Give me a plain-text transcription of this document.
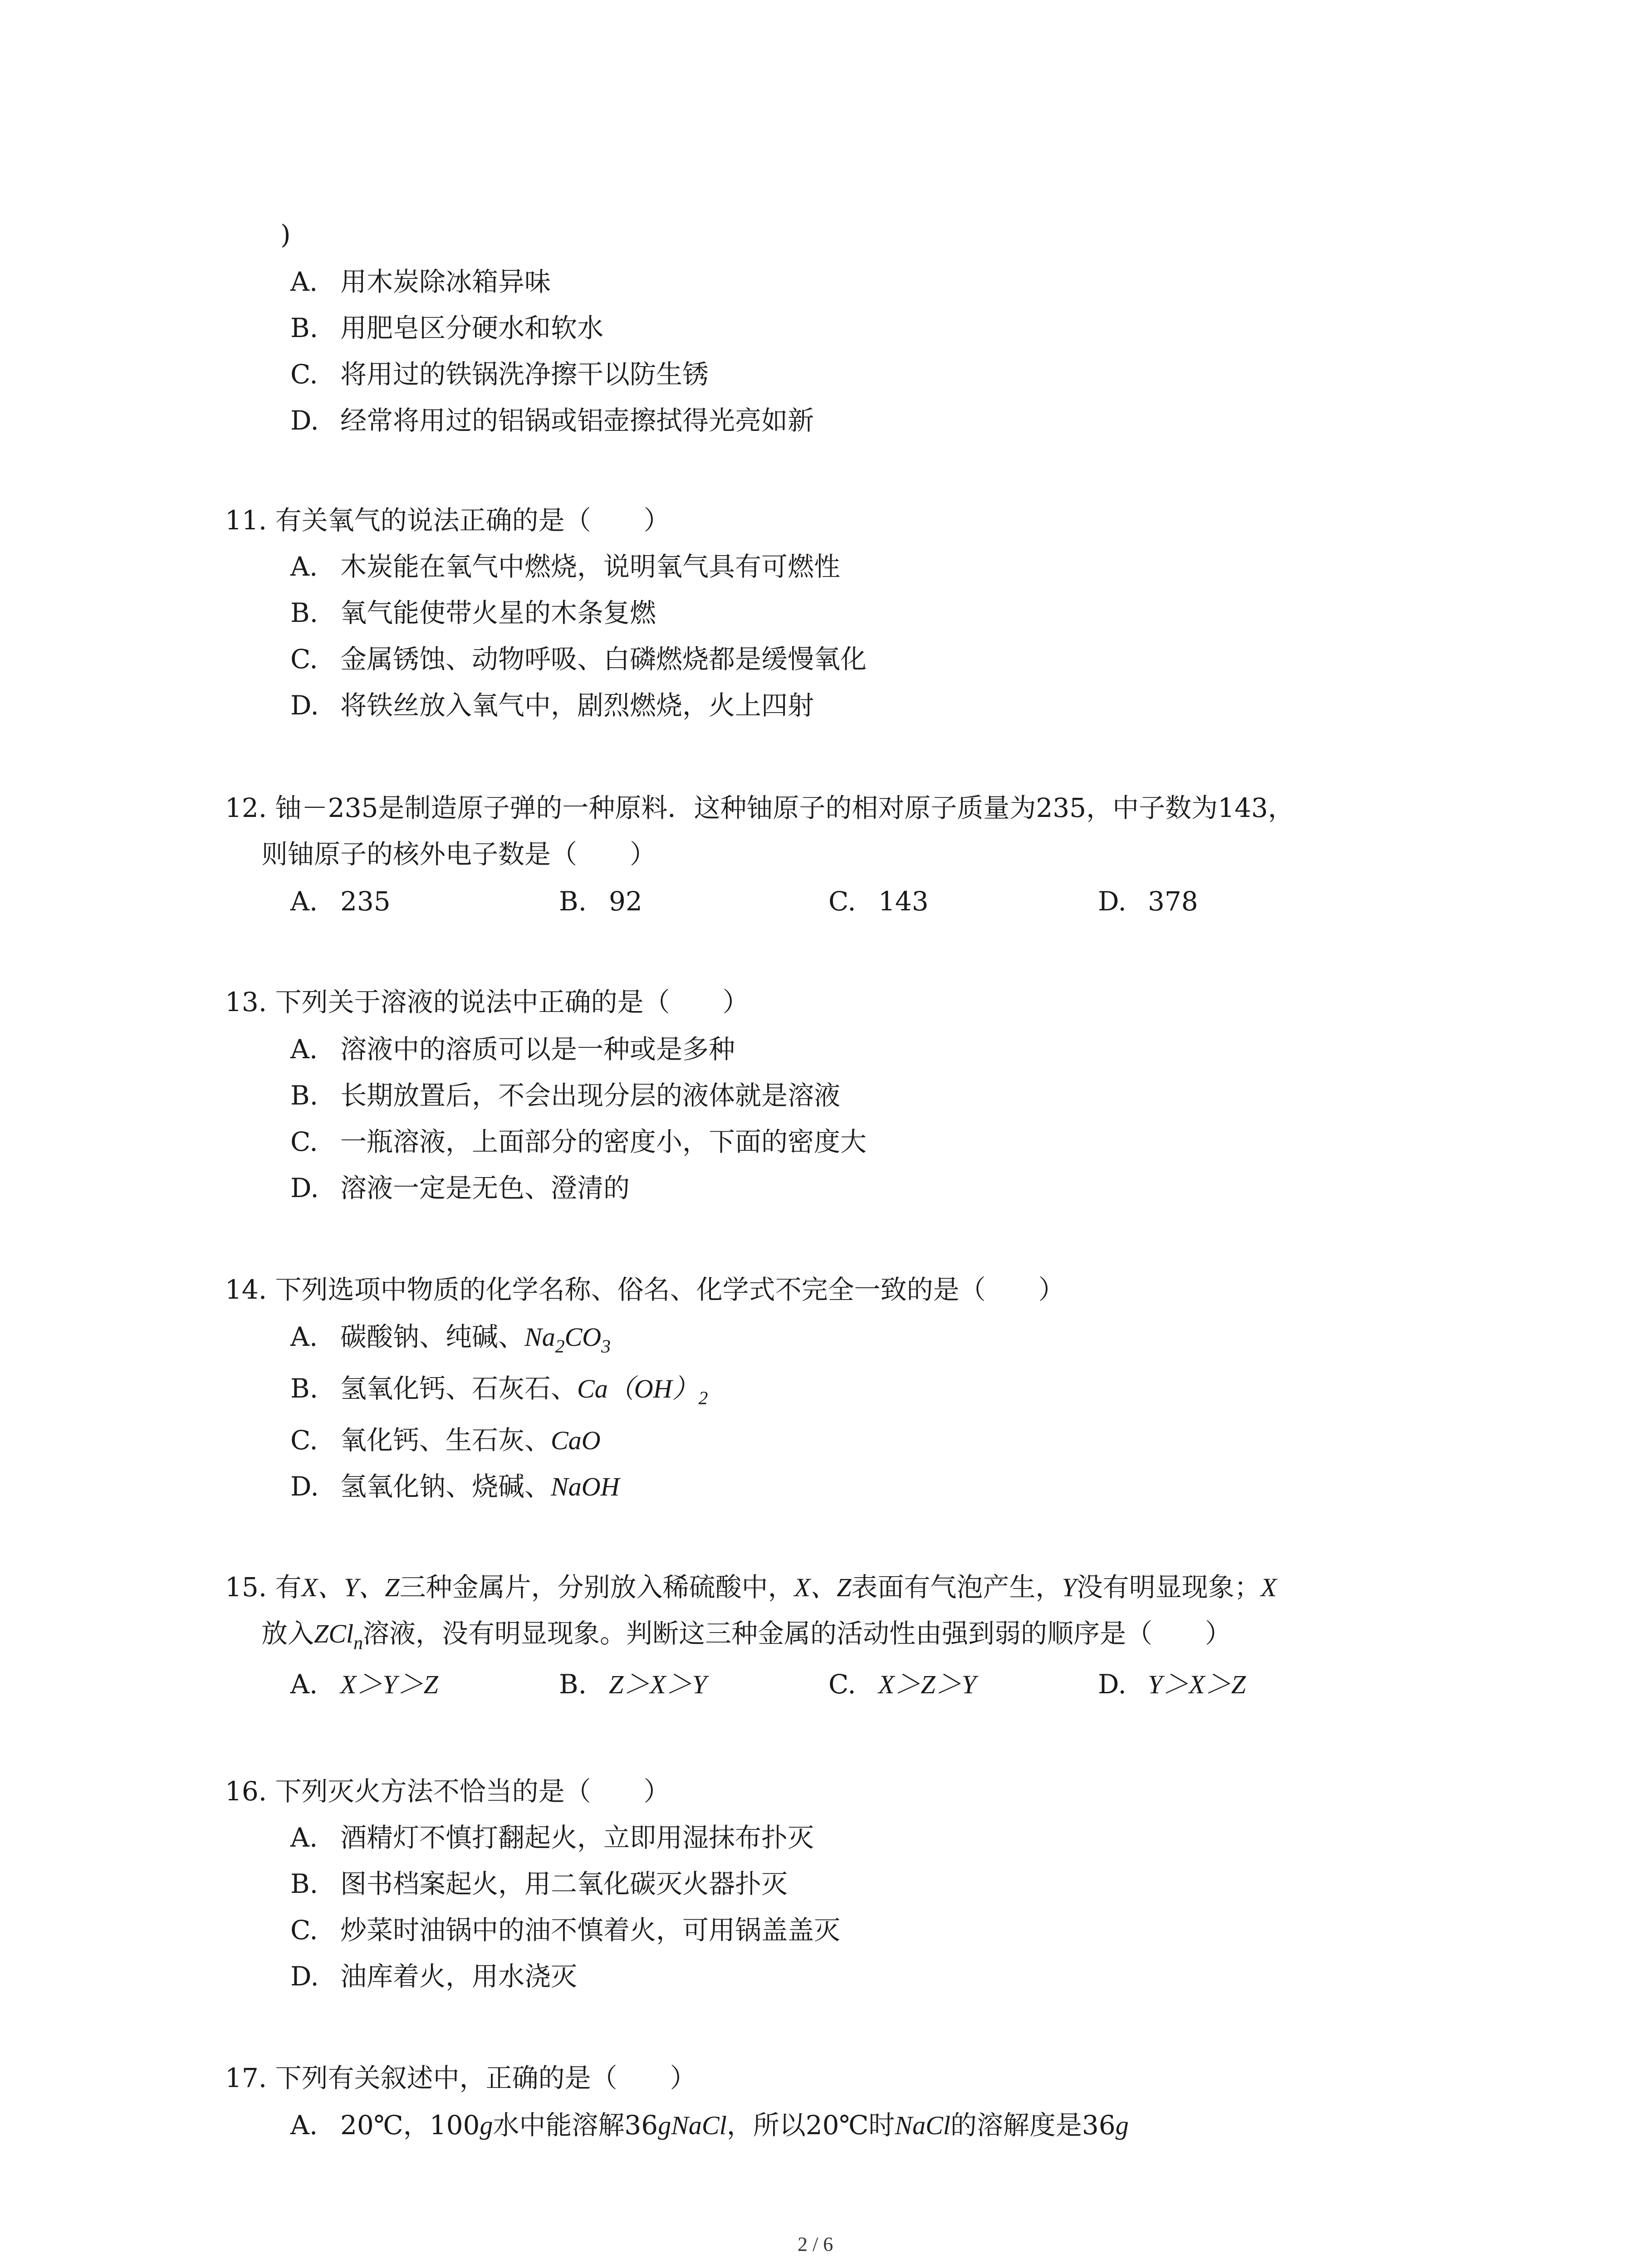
)
A. 用木炭除冰箱异味
B. 用肥皂区分硬水和软水
C. 将用过的铁锅洗净擦干以防生锈
D. 经常将用过的铝锅或铝壶擦拭得光亮如新
11. 有关氧气的说法正确的是（　　）
A. 木炭能在氧气中燃烧，说明氧气具有可燃性
B. 氧气能使带火星的木条复燃
C. 金属锈蚀、动物呼吸、白磷燃烧都是缓慢氧化
D. 将铁丝放入氧气中，剧烈燃烧，火上四射
12. 铀－235是制造原子弹的一种原料．这种铀原子的相对原子质量为235，中子数为143，
则铀原子的核外电子数是（　　）
A. 235	B. 92	C. 143	D. 378
13. 下列关于溶液的说法中正确的是（　　）
A. 溶液中的溶质可以是一种或是多种
B. 长期放置后，不会出现分层的液体就是溶液
C. 一瓶溶液，上面部分的密度小，下面的密度大
D. 溶液一定是无色、澄清的
14. 下列选项中物质的化学名称、俗名、化学式不完全一致的是（　　）
A. 碳酸钠、纯碱、$Na_2CO_3$
B. 氢氧化钙、石灰石、$Ca(OH)_2$
C. 氧化钙、生石灰、CaO
D. 氢氧化钠、烧碱、NaOH
15. 有X、Y、Z三种金属片，分别放入稀硫酸中，X、Z表面有气泡产生，Y没有明显现象；X
放入ZCl$_n$溶液，没有明显现象。判断这三种金属的活动性由强到弱的顺序是（　　）
A. X＞Y＞Z	B. Z＞X＞Y	C. X＞Z＞Y	D. Y＞X＞Z
16. 下列灭火方法不恰当的是（　　）
A. 酒精灯不慎打翻起火，立即用湿抹布扑灭
B. 图书档案起火，用二氧化碳灭火器扑灭
C. 炒菜时油锅中的油不慎着火，可用锅盖盖灭
D. 油库着火，用水浇灭
17. 下列有关叙述中，正确的是（　　）
A. 20℃，100g水中能溶解36gNaCl，所以20℃时NaCl的溶解度是36g
2 / 6
